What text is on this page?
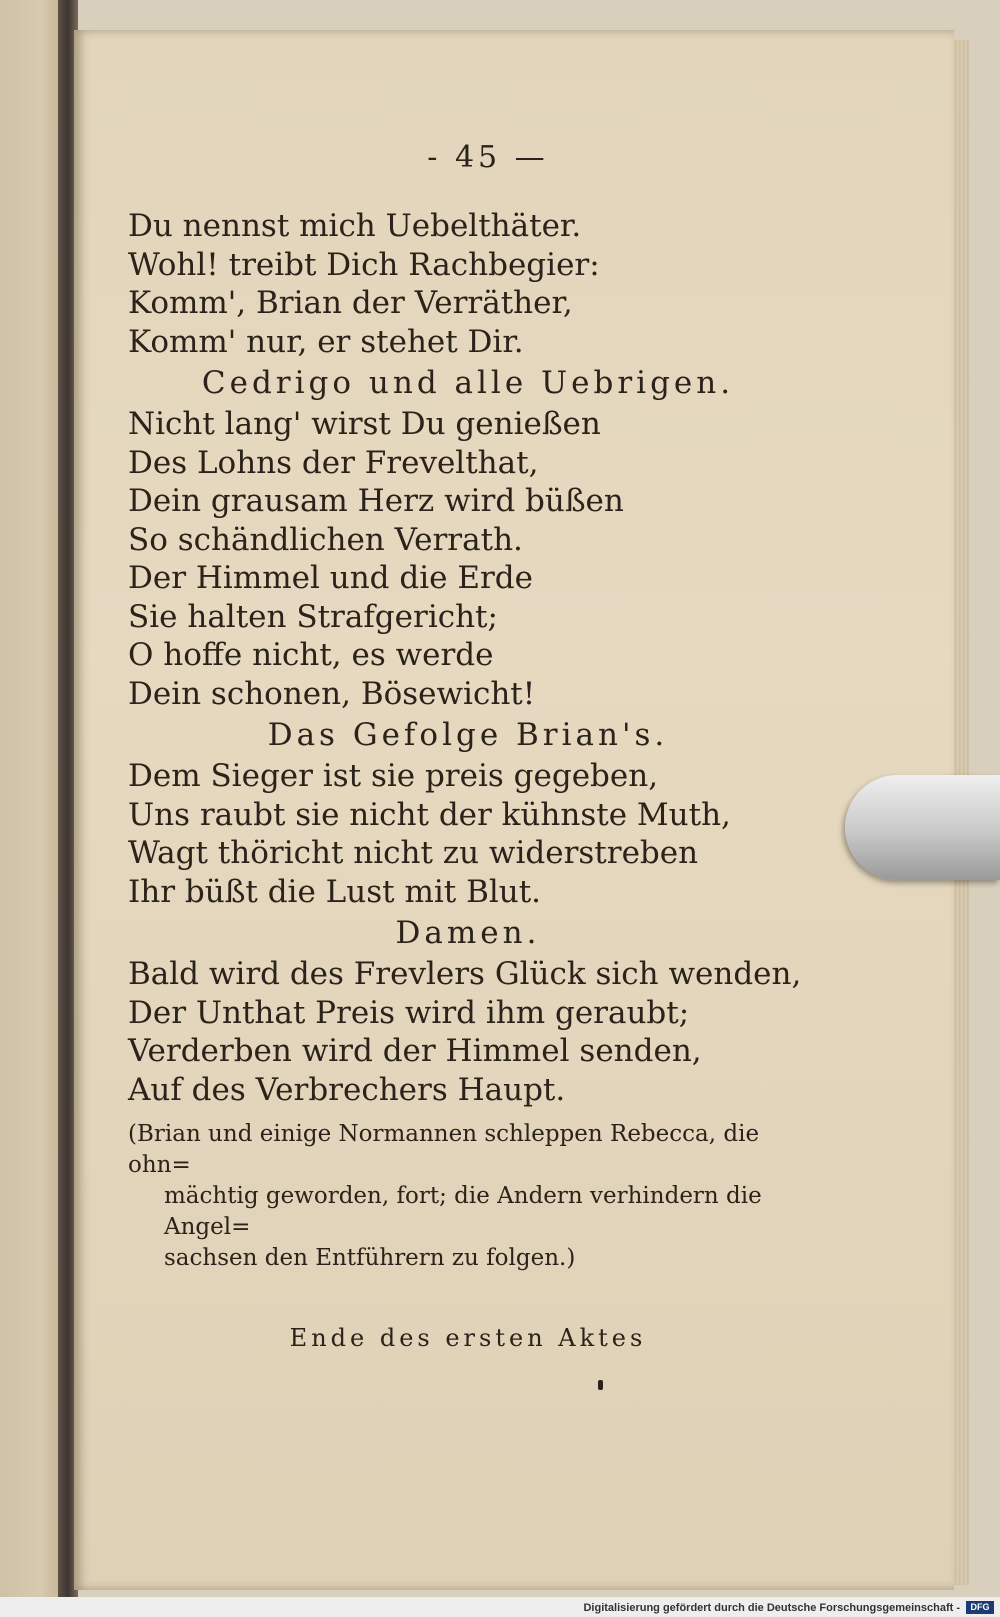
- 45 —
Du nennst mich Uebelthäter.
Wohl! treibt Dich Rachbegier:
Komm', Brian der Verräther,
Komm' nur, er stehet Dir.
Cedrigo und alle Uebrigen.
Nicht lang' wirst Du genießen
Des Lohns der Frevelthat,
Dein grausam Herz wird büßen
So schändlichen Verrath.
Der Himmel und die Erde
Sie halten Strafgericht;
O hoffe nicht, es werde
Dein schonen, Bösewicht!
Das Gefolge Brian's.
Dem Sieger ist sie preis gegeben,
Uns raubt sie nicht der kühnste Muth,
Wagt thöricht nicht zu widerstreben
Ihr büßt die Lust mit Blut.
Damen.
Bald wird des Frevlers Glück sich wenden,
Der Unthat Preis wird ihm geraubt;
Verderben wird der Himmel senden,
Auf des Verbrechers Haupt.
(Brian und einige Normannen schleppen Rebecca, die ohn=
mächtig geworden, fort; die Andern verhindern die Angel=
sachsen den Entführern zu folgen.)
Ende des ersten Aktes
Digitalisierung gefördert durch die Deutsche Forschungsgemeinschaft -	DFG
